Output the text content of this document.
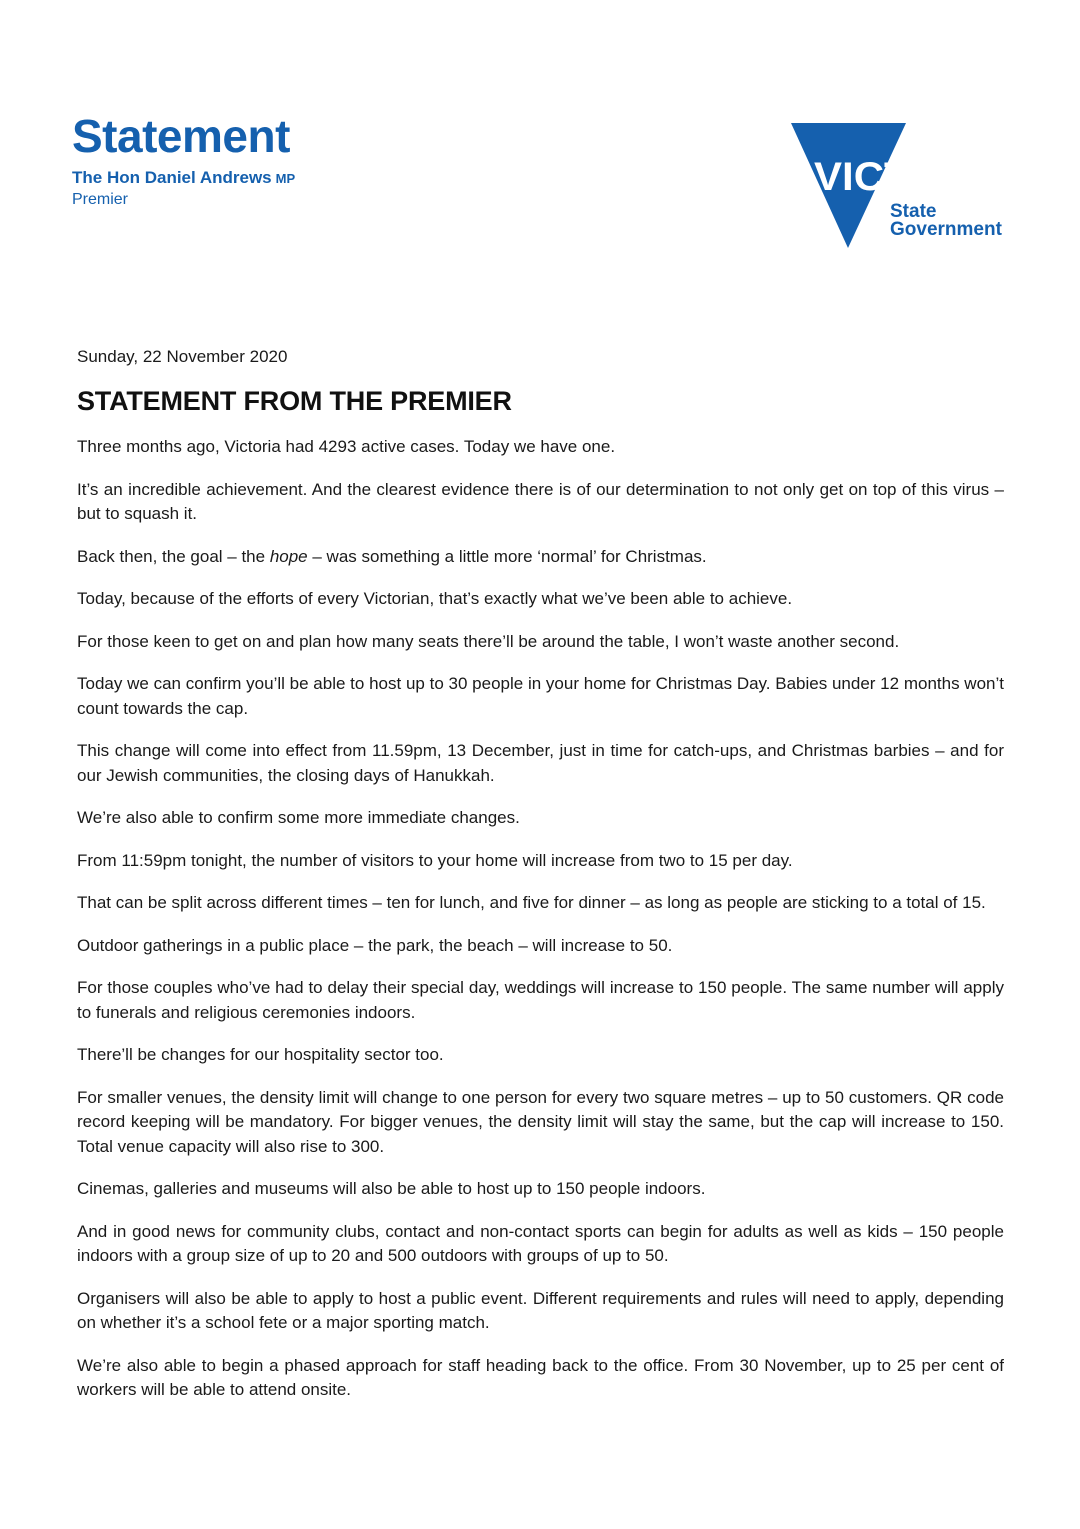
Statement
The Hon Daniel Andrews MP
Premier
VICTORIA
State
Government

Sunday, 22 November 2020

STATEMENT FROM THE PREMIER

Three months ago, Victoria had 4293 active cases. Today we have one.

It’s an incredible achievement. And the clearest evidence there is of our determination to not only get on top of this virus – but to squash it.

Back then, the goal – the hope – was something a little more ‘normal’ for Christmas.

Today, because of the efforts of every Victorian, that’s exactly what we’ve been able to achieve.

For those keen to get on and plan how many seats there’ll be around the table, I won’t waste another second.

Today we can confirm you’ll be able to host up to 30 people in your home for Christmas Day. Babies under 12 months won’t count towards the cap.

This change will come into effect from 11.59pm, 13 December, just in time for catch-ups, and Christmas barbies – and for our Jewish communities, the closing days of Hanukkah.

We’re also able to confirm some more immediate changes.

From 11:59pm tonight, the number of visitors to your home will increase from two to 15 per day.

That can be split across different times – ten for lunch, and five for dinner – as long as people are sticking to a total of 15.

Outdoor gatherings in a public place – the park, the beach – will increase to 50.

For those couples who’ve had to delay their special day, weddings will increase to 150 people. The same number will apply to funerals and religious ceremonies indoors.

There’ll be changes for our hospitality sector too.

For smaller venues, the density limit will change to one person for every two square metres – up to 50 customers. QR code record keeping will be mandatory. For bigger venues, the density limit will stay the same, but the cap will increase to 150. Total venue capacity will also rise to 300.

Cinemas, galleries and museums will also be able to host up to 150 people indoors.

And in good news for community clubs, contact and non-contact sports can begin for adults as well as kids – 150 people indoors with a group size of up to 20 and 500 outdoors with groups of up to 50.

Organisers will also be able to apply to host a public event. Different requirements and rules will need to apply, depending on whether it’s a school fete or a major sporting match.

We’re also able to begin a phased approach for staff heading back to the office. From 30 November, up to 25 per cent of workers will be able to attend onsite.
